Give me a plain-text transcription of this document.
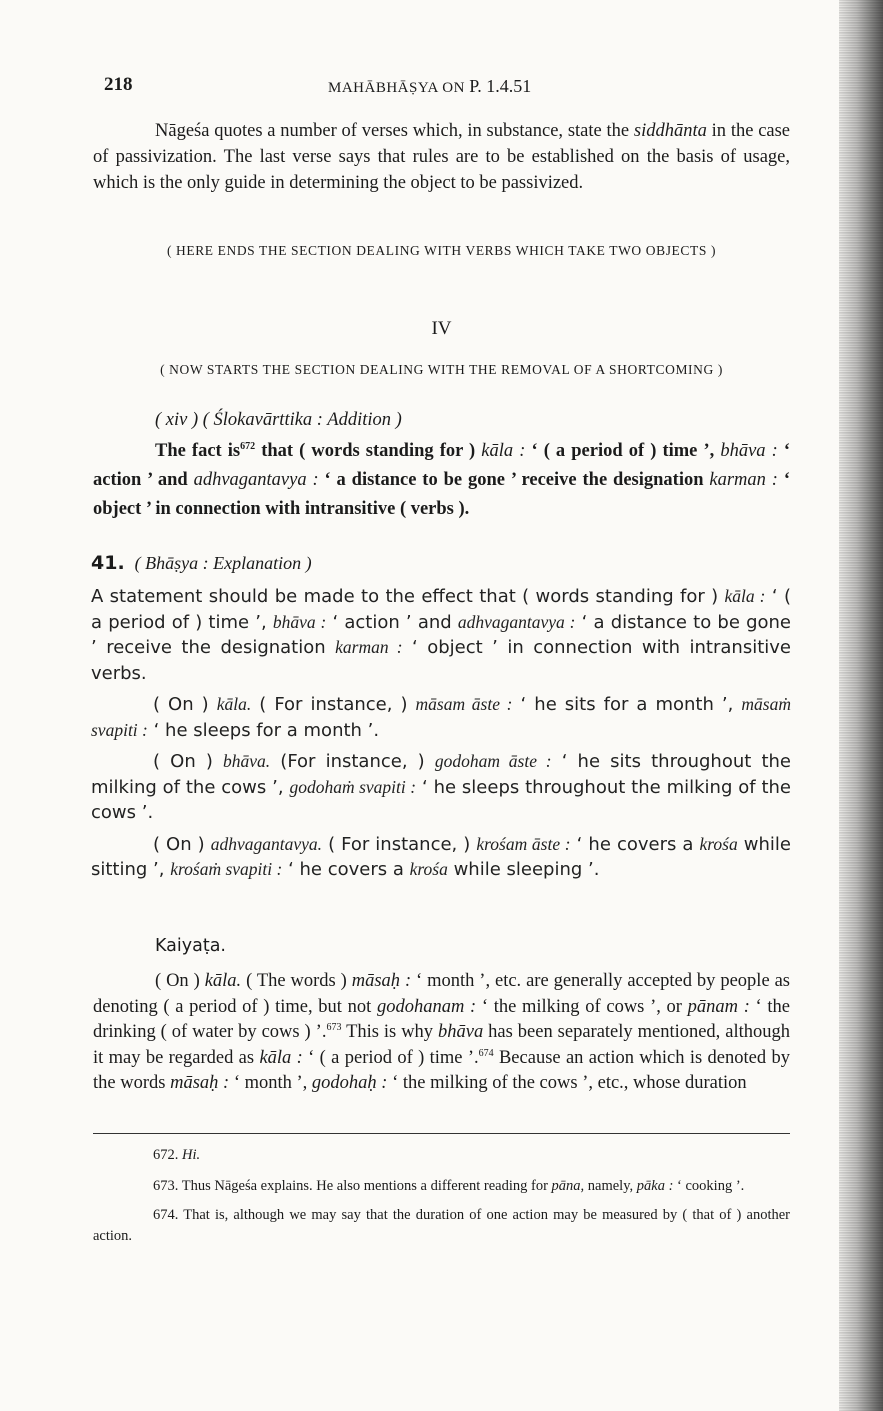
218	MAHĀBHĀṢYA ON P. 1.4.51

Nāgeśa quotes a number of verses which, in substance, state the siddhānta in the case of passivization. The last verse says that rules are to be established on the basis of usage, which is the only guide in determining the object to be passivized.

( HERE ENDS THE SECTION DEALING WITH VERBS WHICH TAKE TWO OBJECTS )
IV
( NOW STARTS THE SECTION DEALING WITH THE REMOVAL OF A SHORTCOMING )

( xiv ) ( Ślokavārttika : Addition )

The fact $is^{672}$ that ( words standing for ) kāla : ‘ ( a period of ) time ’, bhāva : ‘ action ’ and adhvagantavya : ‘ a distance to be gone ’ receive the designation karman : ‘ object ’ in connection with intransitive ( verbs ).

41. ( Bhāṣya : Explanation )

A statement should be made to the effect that ( words standing for ) kāla : ‘ ( a period of ) time ’, bhāva : ‘ action ’ and adhvagantavya : ‘ a distance to be gone ’ receive the designation karman : ‘ object ’ in connection with intransitive verbs.

( On ) kāla. ( For instance, ) māsam āste : ‘ he sits for a month ’, māsaṁ svapiti : ‘ he sleeps for a month ’.

( On ) bhāva. (For instance, ) godoham āste : ‘ he sits throughout the milking of the cows ’, godohaṁ svapiti : ‘ he sleeps throughout the milking of the cows ’.

( On ) adhvagantavya. ( For instance, ) krośam āste : ‘ he covers a krośa while sitting ’, krośaṁ svapiti : ‘ he covers a krośa while sleeping ’.

Kaiyaṭa.

( On ) kāla. ( The words ) māsaḥ : ‘ month ’, etc. are generally accepted by people as denoting ( a period of ) time, but not godohanam : ‘ the milking of cows ’, or pānam : ‘ the drinking ( of water by cows ) ’.$^{673}$ This is why bhāva has been separately mentioned, although it may be regarded as kāla : ‘ ( a period of ) time ’.$^{674}$ Because an action which is denoted by the words māsaḥ : ‘ month ’, godohaḥ : ‘ the milking of the cows ’, etc., whose duration

672. Hi.

673. Thus Nāgeśa explains. He also mentions a different reading for pāna, namely, pāka : ‘ cooking ’.

674. That is, although we may say that the duration of one action may be measured by ( that of ) another action.
